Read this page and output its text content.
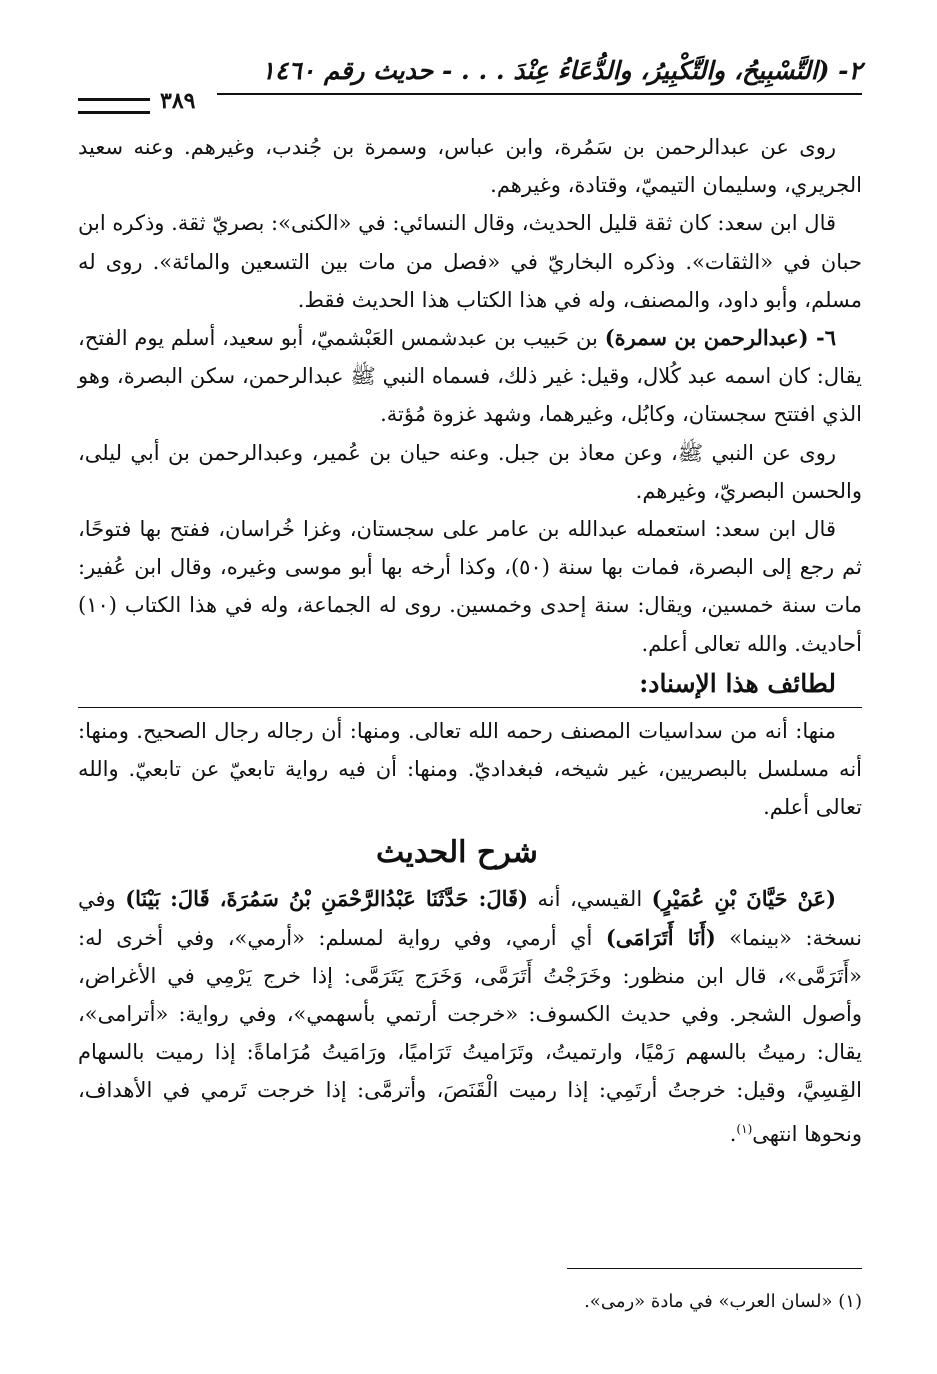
٢- (التَّسْبِيحُ، والتَّكْبِيرُ، والدُّعَاءُ عِنْدَ . . . - حديث رقم ١٤٦٠
٣٨٩

روى عن عبدالرحمن بن سَمُرة، وابن عباس، وسمرة بن جُندب، وغيرهم. وعنه سعيد الجريري، وسليمان التيميّ، وقتادة، وغيرهم.

قال ابن سعد: كان ثقة قليل الحديث، وقال النسائي: في «الكنى»: بصريّ ثقة. وذكره ابن حبان في «الثقات». وذكره البخاريّ في «فصل من مات بين التسعين والمائة». روى له مسلم، وأبو داود، والمصنف، وله في هذا الكتاب هذا الحديث فقط.

٦- (عبدالرحمن بن سمرة) بن حَبيب بن عبدشمس العَبْشميّ، أبو سعيد، أسلم يوم الفتح، يقال: كان اسمه عبد كُلال، وقيل: غير ذلك، فسماه النبي ﷺ عبدالرحمن، سكن البصرة، وهو الذي افتتح سجستان، وكابُل، وغيرهما، وشهد غزوة مُؤتة.

روى عن النبي ﷺ، وعن معاذ بن جبل. وعنه حيان بن عُمير، وعبدالرحمن بن أبي ليلى، والحسن البصريّ، وغيرهم.

قال ابن سعد: استعمله عبدالله بن عامر على سجستان، وغزا خُراسان، ففتح بها فتوحًا، ثم رجع إلى البصرة، فمات بها سنة (٥٠)، وكذا أرخه بها أبو موسى وغيره، وقال ابن عُفير: مات سنة خمسين، ويقال: سنة إحدى وخمسين. روى له الجماعة، وله في هذا الكتاب (١٠) أحاديث. والله تعالى أعلم.

لطائف هذا الإسناد:

منها: أنه من سداسيات المصنف رحمه الله تعالى. ومنها: أن رجاله رجال الصحيح. ومنها: أنه مسلسل بالبصريين، غير شيخه، فبغداديّ. ومنها: أن فيه رواية تابعيّ عن تابعيّ. والله تعالى أعلم.

شرح الحديث

(عَنْ حَيَّانَ بْنِ عُمَيْرٍ) القيسي، أنه (قَالَ: حَدَّثَنَا عَبْدُالرَّحْمَنِ بْنُ سَمُرَةَ، قَالَ: بَيْنَا) وفي نسخة: «بينما» (أَنَا أَتَرَامَى) أي أرمي، وفي رواية لمسلم: «أرمي»، وفي أخرى له: «أَتَرَمَّى»، قال ابن منظور: وخَرَجْتُ أَتَرَمَّى، وَخَرَج يَتَرَمَّى: إذا خرج يَرْمِي في الأغراض، وأصول الشجر. وفي حديث الكسوف: «خرجت أرتمي بأسهمي»، وفي رواية: «أترامى»، يقال: رميتُ بالسهم رَمْيًا، وارتميتُ، وتَرَاميتُ تَرَاميًا، ورَامَيتُ مُرَاماةً: إذا رميت بالسهام القِسِيَّ، وقيل: خرجتُ أرتَمِي: إذا رميت الْقَنَصَ، وأترمَّى: إذا خرجت تَرمي في الأهداف، ونحوها انتهى$^{(١)}$.

(١) «لسان العرب» في مادة «رمى».
